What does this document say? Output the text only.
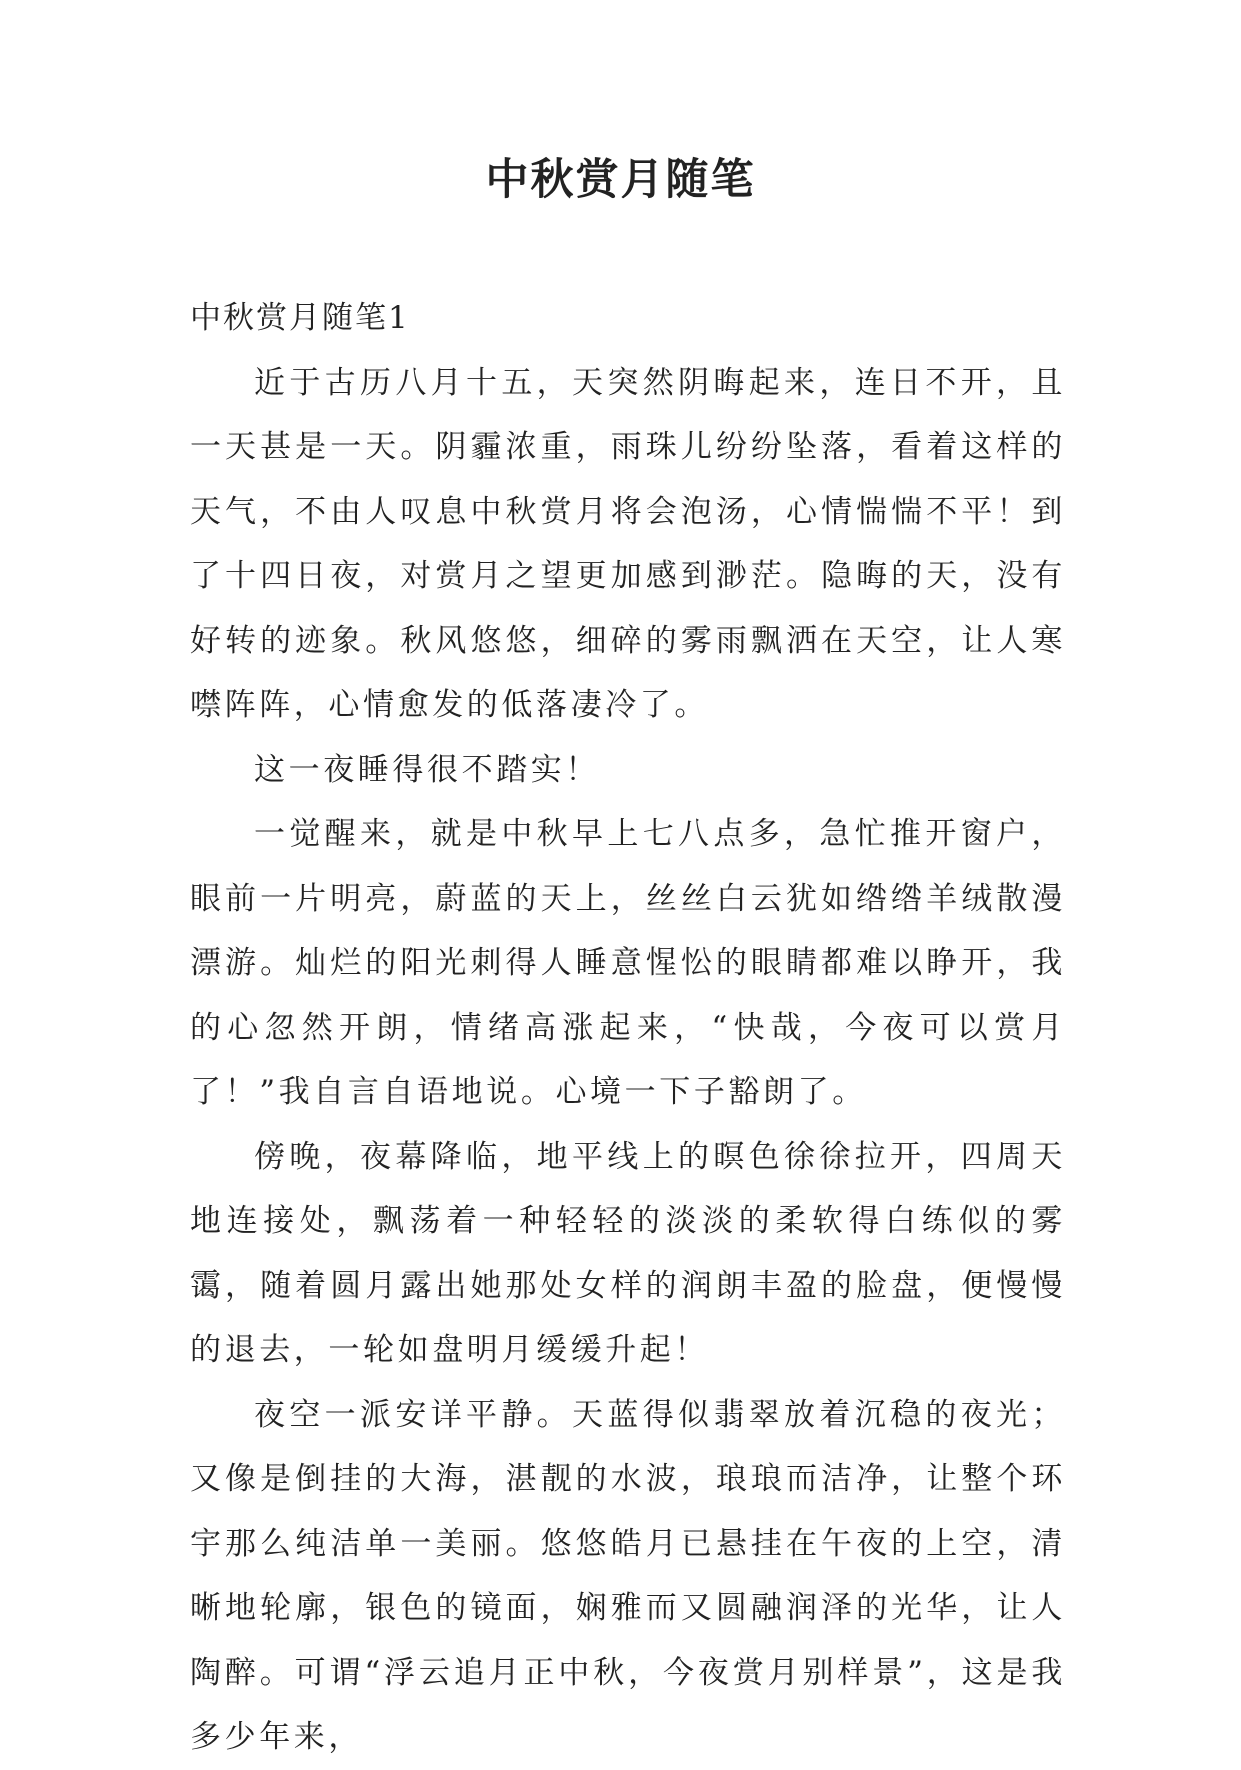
中秋赏月随笔

中秋赏月随笔1

近于古历八月十五，天突然阴晦起来，连日不开，且一天甚是一天。阴霾浓重，雨珠儿纷纷坠落，看着这样的天气，不由人叹息中秋赏月将会泡汤，心情惴惴不平！到了十四日夜，对赏月之望更加感到渺茫。隐晦的天，没有好转的迹象。秋风悠悠，细碎的雾雨飘洒在天空，让人寒噤阵阵，心情愈发的低落凄冷了。

这一夜睡得很不踏实！

一觉醒来，就是中秋早上七八点多，急忙推开窗户，眼前一片明亮，蔚蓝的天上，丝丝白云犹如绺绺羊绒散漫漂游。灿烂的阳光刺得人睡意惺忪的眼睛都难以睁开，我的心忽然开朗，情绪高涨起来，“快哉，今夜可以赏月了！”我自言自语地说。心境一下子豁朗了。

傍晚，夜幕降临，地平线上的暝色徐徐拉开，四周天地连接处，飘荡着一种轻轻的淡淡的柔软得白练似的雾霭，随着圆月露出她那处女样的润朗丰盈的脸盘，便慢慢的退去，一轮如盘明月缓缓升起！

夜空一派安详平静。天蓝得似翡翠放着沉稳的夜光；又像是倒挂的大海，湛靓的水波，琅琅而洁净，让整个环宇那么纯洁单一美丽。悠悠皓月已悬挂在午夜的上空，清晰地轮廓，银色的镜面，娴雅而又圆融润泽的光华，让人陶醉。可谓“浮云追月正中秋，今夜赏月别样景”，这是我多少年来，
